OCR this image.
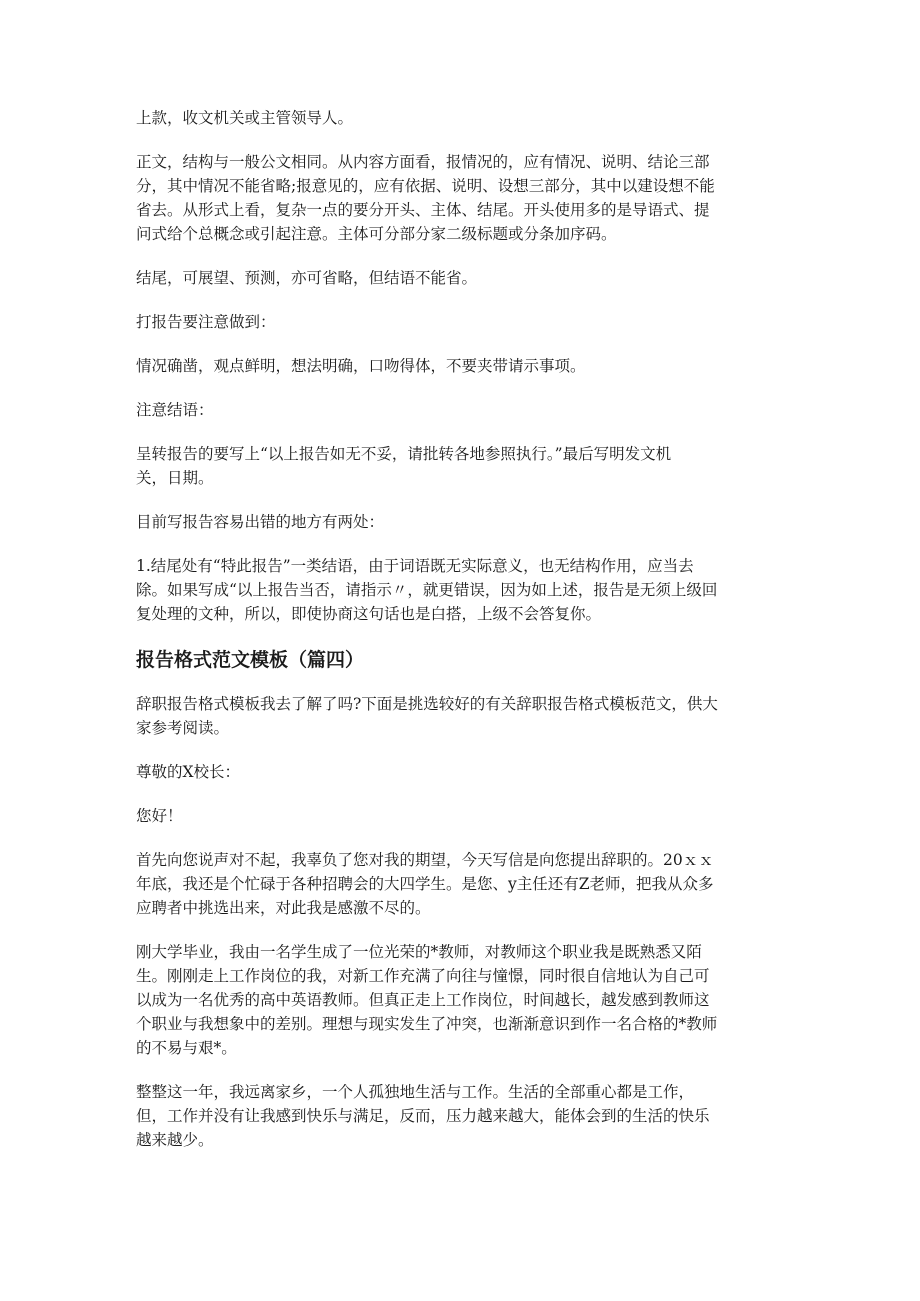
上款，收文机关或主管领导人。

正文，结构与一般公文相同。从内容方面看，报情况的，应有情况、说明、结论三部
分，其中情况不能省略;报意见的，应有依据、说明、设想三部分，其中以建设想不能
省去。从形式上看，复杂一点的要分开头、主体、结尾。开头使用多的是导语式、提
问式给个总概念或引起注意。主体可分部分家二级标题或分条加序码。

结尾，可展望、预测，亦可省略，但结语不能省。

打报告要注意做到：

情况确凿，观点鲜明，想法明确，口吻得体，不要夹带请示事项。

注意结语：

呈转报告的要写上“以上报告如无不妥，请批转各地参照执行。”最后写明发文机
关，日期。

目前写报告容易出错的地方有两处：

1.结尾处有“特此报告”一类结语，由于词语既无实际意义，也无结构作用，应当去
除。如果写成“以上报告当否，请指示〃，就更错误，因为如上述，报告是无须上级回
复处理的文种，所以，即使协商这句话也是白搭，上级不会答复你。

报告格式范文模板（篇四）

辞职报告格式模板我去了解了吗?下面是挑选较好的有关辞职报告格式模板范文，供大
家参考阅读。

尊敬的X校长：

您好！

首先向您说声对不起，我辜负了您对我的期望，今天写信是向您提出辞职的。20ｘｘ
年底，我还是个忙碌于各种招聘会的大四学生。是您、y主任还有Z老师，把我从众多
应聘者中挑选出来，对此我是感激不尽的。

刚大学毕业，我由一名学生成了一位光荣的*教师，对教师这个职业我是既熟悉又陌
生。刚刚走上工作岗位的我，对新工作充满了向往与憧憬，同时很自信地认为自己可
以成为一名优秀的高中英语教师。但真正走上工作岗位，时间越长，越发感到教师这
个职业与我想象中的差别。理想与现实发生了冲突，也渐渐意识到作一名合格的*教师
的不易与艰*。

整整这一年，我远离家乡，一个人孤独地生活与工作。生活的全部重心都是工作，
但，工作并没有让我感到快乐与满足，反而，压力越来越大，能体会到的生活的快乐
越来越少。
